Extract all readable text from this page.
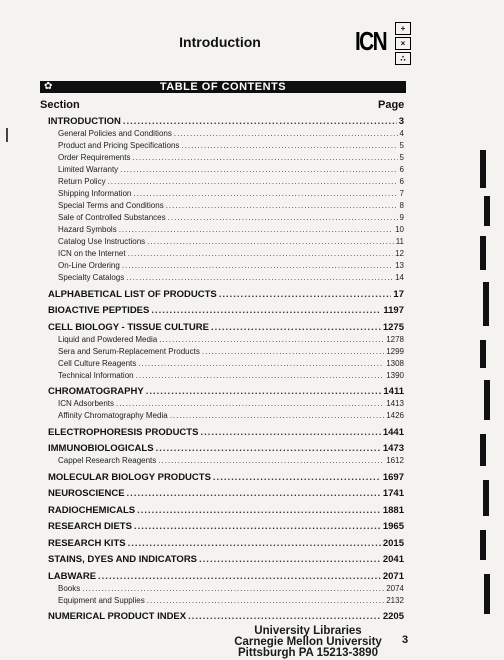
Introduction	ICN	+
×
∴
✿	TABLE OF CONTENTS
Section	Page
INTRODUCTION .....	3
General Policies and Conditions .....	4
Product and Pricing Specifications .....	5
Order Requirements .....	5
Limited Warranty .....	6
Return Policy .....	6
Shipping Information .....	7
Special Terms and Conditions .....	8
Sale of Controlled Substances .....	9
Hazard Symbols .....	10
Catalog Use Instructions .....	11
ICN on the Internet .....	12
On-Line Ordering .....	13
Specialty Catalogs .....	14
ALPHABETICAL LIST OF PRODUCTS .....	17
BIOACTIVE PEPTIDES .....	1197
CELL BIOLOGY - TISSUE CULTURE .....	1275
Liquid and Powdered Media .....	1278
Sera and Serum-Replacement Products .....	1299
Cell Culture Reagents .....	1308
Technical Information .....	1390
CHROMATOGRAPHY .....	1411
ICN Adsorbents .....	1413
Affinity Chromatography Media .....	1426
ELECTROPHORESIS PRODUCTS .....	1441
IMMUNOBIOLOGICALS .....	1473
Cappel Research Reagents .....	1612
MOLECULAR BIOLOGY PRODUCTS .....	1697
NEUROSCIENCE .....	1741
RADIOCHEMICALS .....	1881
RESEARCH DIETS .....	1965
RESEARCH KITS .....	2015
STAINS, DYES AND INDICATORS .....	2041
LABWARE .....	2071
Books .....	2074
Equipment and Supplies .....	2132
NUMERICAL PRODUCT INDEX .....	2205
University Libraries
Carnegie Mellon University
Pittsburgh PA 15213-3890
3
